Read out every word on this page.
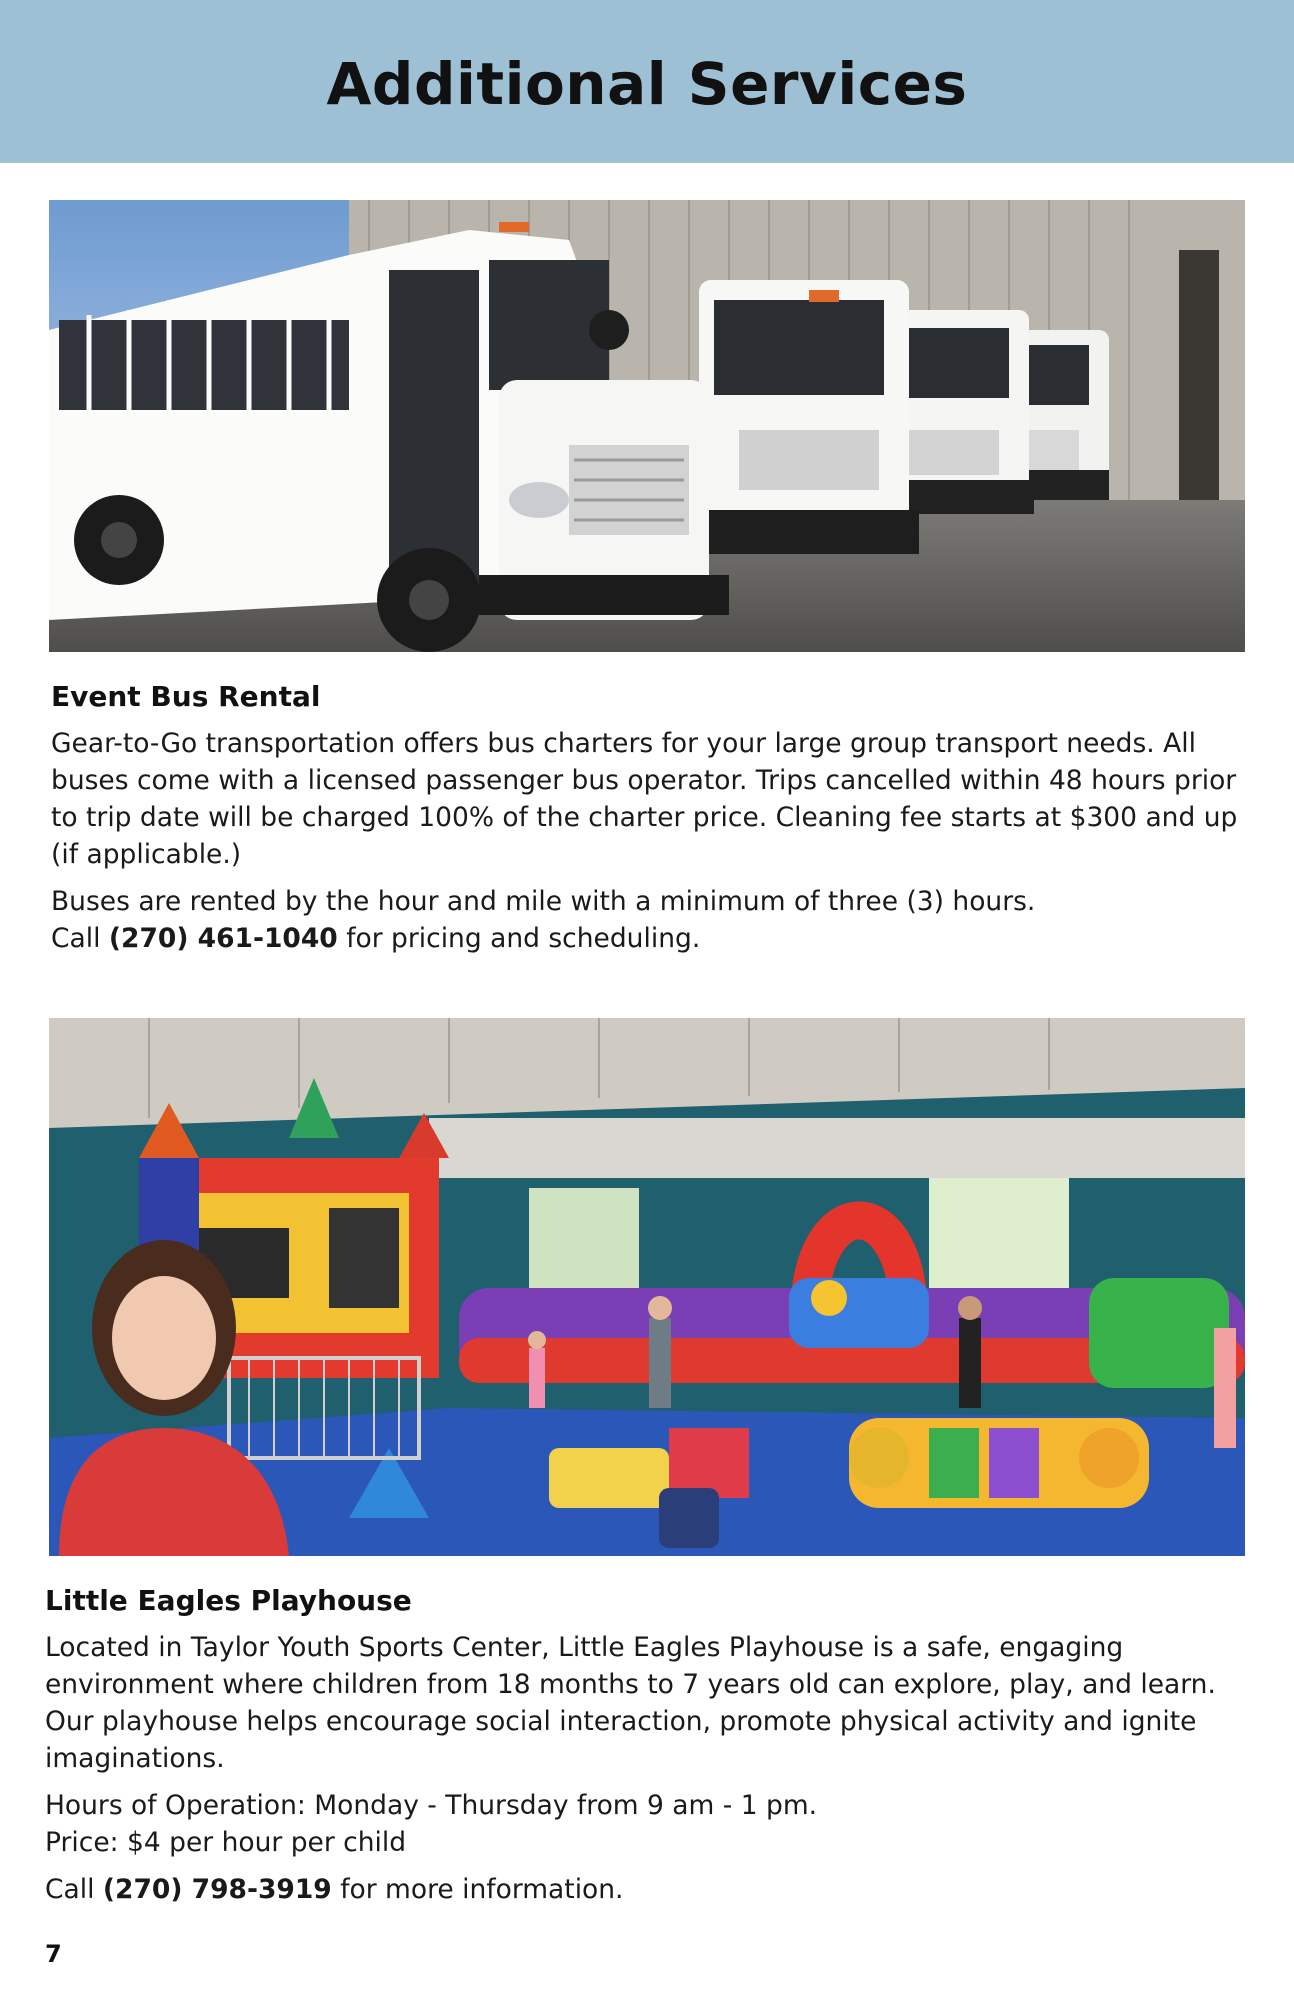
Additional Services
Event Bus Rental

Gear-to-Go transportation offers bus charters for your large group transport needs. All buses come with a licensed passenger bus operator. Trips cancelled within 48 hours prior to trip date will be charged 100% of the charter price. Cleaning fee starts at $300 and up (if applicable.)

Buses are rented by the hour and mile with a minimum of three (3) hours.

Call (270) 461-1040 for pricing and scheduling.

Little Eagles Playhouse

Located in Taylor Youth Sports Center, Little Eagles Playhouse is a safe, engaging environment where children from 18 months to 7 years old can explore, play, and learn. Our playhouse helps encourage social interaction, promote physical activity and ignite imaginations.

Hours of Operation: Monday - Thursday from 9 am - 1 pm.

Price: $4 per hour per child

Call (270) 798-3919 for more information.

7
